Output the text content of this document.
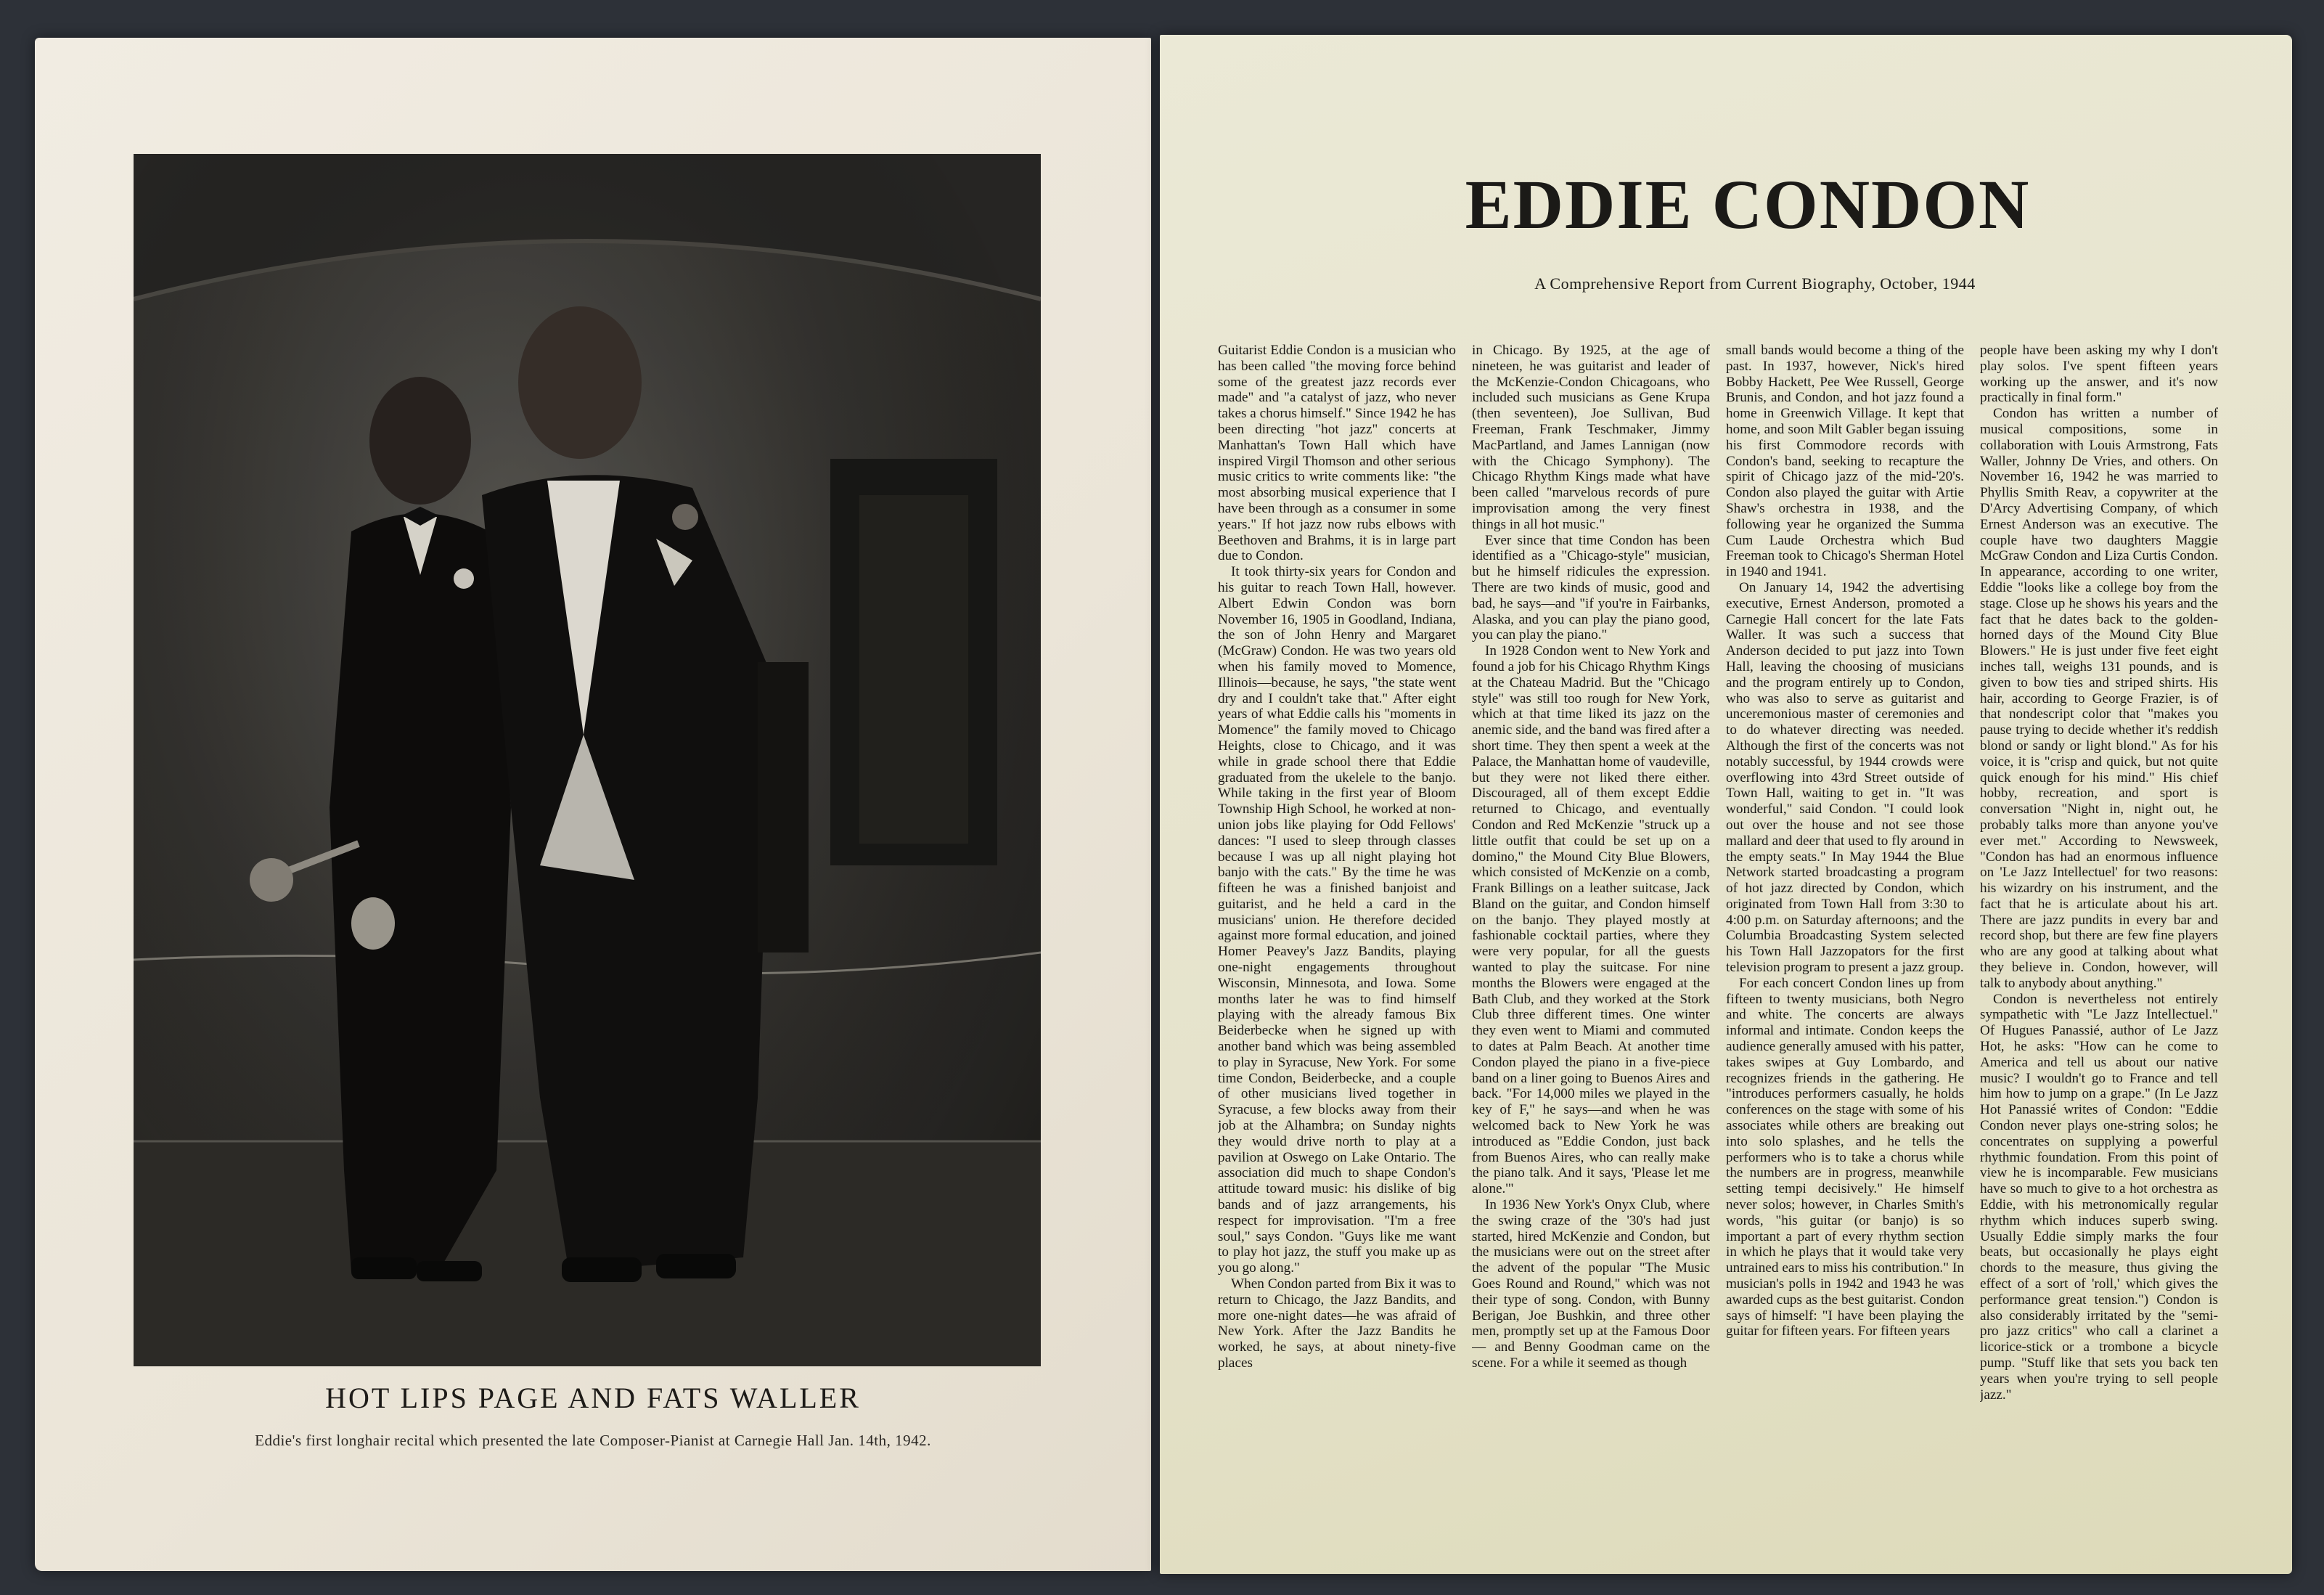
HOT LIPS PAGE AND FATS WALLER
Eddie's first longhair recital which presented the late Composer-Pianist at Carnegie Hall Jan. 14th, 1942.
EDDIE CONDON
A Comprehensive Report from Current Biography, October, 1944

Guitarist Eddie Condon is a musician who has been called "the moving force behind some of the greatest jazz records ever made" and "a catalyst of jazz, who never takes a chorus himself." Since 1942 he has been directing "hot jazz" concerts at Manhattan's Town Hall which have inspired Virgil Thomson and other serious music critics to write comments like: "the most absorbing musical experience that I have been through as a consumer in some years." If hot jazz now rubs elbows with Beethoven and Brahms, it is in large part due to Condon.

It took thirty-six years for Condon and his guitar to reach Town Hall, however. Albert Edwin Condon was born November 16, 1905 in Goodland, Indiana, the son of John Henry and Margaret (McGraw) Condon. He was two years old when his family moved to Momence, Illinois—because, he says, "the state went dry and I couldn't take that." After eight years of what Eddie calls his "moments in Momence" the family moved to Chicago Heights, close to Chicago, and it was while in grade school there that Eddie graduated from the ukelele to the banjo. While taking in the first year of Bloom Township High School, he worked at non-union jobs like playing for Odd Fellows' dances: "I used to sleep through classes because I was up all night playing hot banjo with the cats." By the time he was fifteen he was a finished banjoist and guitarist, and he held a card in the musicians' union. He therefore decided against more formal education, and joined Homer Peavey's Jazz Bandits, playing one-night engagements throughout Wisconsin, Minnesota, and Iowa. Some months later he was to find himself playing with the already famous Bix Beiderbecke when he signed up with another band which was being assembled to play in Syracuse, New York. For some time Condon, Beiderbecke, and a couple of other musicians lived together in Syracuse, a few blocks away from their job at the Alhambra; on Sunday nights they would drive north to play at a pavilion at Oswego on Lake Ontario. The association did much to shape Condon's attitude toward music: his dislike of big bands and of jazz arrangements, his respect for improvisation. "I'm a free soul," says Condon. "Guys like me want to play hot jazz, the stuff you make up as you go along."

When Condon parted from Bix it was to return to Chicago, the Jazz Bandits, and more one-night dates—he was afraid of New York. After the Jazz Bandits he worked, he says, at about ninety-five places

in Chicago. By 1925, at the age of nineteen, he was guitarist and leader of the McKenzie-Condon Chicagoans, who included such musicians as Gene Krupa (then seventeen), Joe Sullivan, Bud Freeman, Frank Teschmaker, Jimmy MacPartland, and James Lannigan (now with the Chicago Symphony). The Chicago Rhythm Kings made what have been called "marvelous records of pure improvisation among the very finest things in all hot music."

Ever since that time Condon has been identified as a "Chicago-style" musician, but he himself ridicules the expression. There are two kinds of music, good and bad, he says—and "if you're in Fairbanks, Alaska, and you can play the piano good, you can play the piano."

In 1928 Condon went to New York and found a job for his Chicago Rhythm Kings at the Chateau Madrid. But the "Chicago style" was still too rough for New York, which at that time liked its jazz on the anemic side, and the band was fired after a short time. They then spent a week at the Palace, the Manhattan home of vaudeville, but they were not liked there either. Discouraged, all of them except Eddie returned to Chicago, and eventually Condon and Red McKenzie "struck up a little outfit that could be set up on a domino," the Mound City Blue Blowers, which consisted of McKenzie on a comb, Frank Billings on a leather suitcase, Jack Bland on the guitar, and Condon himself on the banjo. They played mostly at fashionable cocktail parties, where they were very popular, for all the guests wanted to play the suitcase. For nine months the Blowers were engaged at the Bath Club, and they worked at the Stork Club three different times. One winter they even went to Miami and commuted to dates at Palm Beach. At another time Condon played the piano in a five-piece band on a liner going to Buenos Aires and back. "For 14,000 miles we played in the key of F," he says—and when he was welcomed back to New York he was introduced as "Eddie Condon, just back from Buenos Aires, who can really make the piano talk. And it says, 'Please let me alone.'"

In 1936 New York's Onyx Club, where the swing craze of the '30's had just started, hired McKenzie and Condon, but the musicians were out on the street after the advent of the popular "The Music Goes Round and Round," which was not their type of song. Condon, with Bunny Berigan, Joe Bushkin, and three other men, promptly set up at the Famous Door — and Benny Goodman came on the scene. For a while it seemed as though

small bands would become a thing of the past. In 1937, however, Nick's hired Bobby Hackett, Pee Wee Russell, George Brunis, and Condon, and hot jazz found a home in Greenwich Village. It kept that home, and soon Milt Gabler began issuing his first Commodore records with Condon's band, seeking to recapture the spirit of Chicago jazz of the mid-'20's. Condon also played the guitar with Artie Shaw's orchestra in 1938, and the following year he organized the Summa Cum Laude Orchestra which Bud Freeman took to Chicago's Sherman Hotel in 1940 and 1941.

On January 14, 1942 the advertising executive, Ernest Anderson, promoted a Carnegie Hall concert for the late Fats Waller. It was such a success that Anderson decided to put jazz into Town Hall, leaving the choosing of musicians and the program entirely up to Condon, who was also to serve as guitarist and unceremonious master of ceremonies and to do whatever directing was needed. Although the first of the concerts was not notably successful, by 1944 crowds were overflowing into 43rd Street outside of Town Hall, waiting to get in. "It was wonderful," said Condon. "I could look out over the house and not see those mallard and deer that used to fly around in the empty seats." In May 1944 the Blue Network started broadcasting a program of hot jazz directed by Condon, which originated from Town Hall from 3:30 to 4:00 p.m. on Saturday afternoons; and the Columbia Broadcasting System selected his Town Hall Jazzopators for the first television program to present a jazz group.

For each concert Condon lines up from fifteen to twenty musicians, both Negro and white. The concerts are always informal and intimate. Condon keeps the audience generally amused with his patter, takes swipes at Guy Lombardo, and recognizes friends in the gathering. He "introduces performers casually, he holds conferences on the stage with some of his associates while others are breaking out into solo splashes, and he tells the performers who is to take a chorus while the numbers are in progress, meanwhile setting tempi decisively." He himself never solos; however, in Charles Smith's words, "his guitar (or banjo) is so important a part of every rhythm section in which he plays that it would take very untrained ears to miss his contribution." In musician's polls in 1942 and 1943 he was awarded cups as the best guitarist. Condon says of himself: "I have been playing the guitar for fifteen years. For fifteen years

people have been asking my why I don't play solos. I've spent fifteen years working up the answer, and it's now practically in final form."

Condon has written a number of musical compositions, some in collaboration with Louis Armstrong, Fats Waller, Johnny De Vries, and others. On November 16, 1942 he was married to Phyllis Smith Reav, a copywriter at the D'Arcy Advertising Company, of which Ernest Anderson was an executive. The couple have two daughters Maggie McGraw Condon and Liza Curtis Condon. In appearance, according to one writer, Eddie "looks like a college boy from the stage. Close up he shows his years and the fact that he dates back to the golden-horned days of the Mound City Blue Blowers." He is just under five feet eight inches tall, weighs 131 pounds, and is given to bow ties and striped shirts. His hair, according to George Frazier, is of that nondescript color that "makes you pause trying to decide whether it's reddish blond or sandy or light blond." As for his voice, it is "crisp and quick, but not quite quick enough for his mind." His chief hobby, recreation, and sport is conversation "Night in, night out, he probably talks more than anyone you've ever met." According to Newsweek, "Condon has had an enormous influence on 'Le Jazz Intellectuel' for two reasons: his wizardry on his instrument, and the fact that he is articulate about his art. There are jazz pundits in every bar and record shop, but there are few fine players who are any good at talking about what they believe in. Condon, however, will talk to anybody about anything."

Condon is nevertheless not entirely sympathetic with "Le Jazz Intellectuel." Of Hugues Panassié, author of Le Jazz Hot, he asks: "How can he come to America and tell us about our native music? I wouldn't go to France and tell him how to jump on a grape." (In Le Jazz Hot Panassié writes of Condon: "Eddie Condon never plays one-string solos; he concentrates on supplying a powerful rhythmic foundation. From this point of view he is incomparable. Few musicians have so much to give to a hot orchestra as Eddie, with his metronomically regular rhythm which induces superb swing. Usually Eddie simply marks the four beats, but occasionally he plays eight chords to the measure, thus giving the effect of a sort of 'roll,' which gives the performance great tension.") Condon is also considerably irritated by the "semi-pro jazz critics" who call a clarinet a licorice-stick or a trombone a bicycle pump. "Stuff like that sets you back ten years when you're trying to sell people jazz."
